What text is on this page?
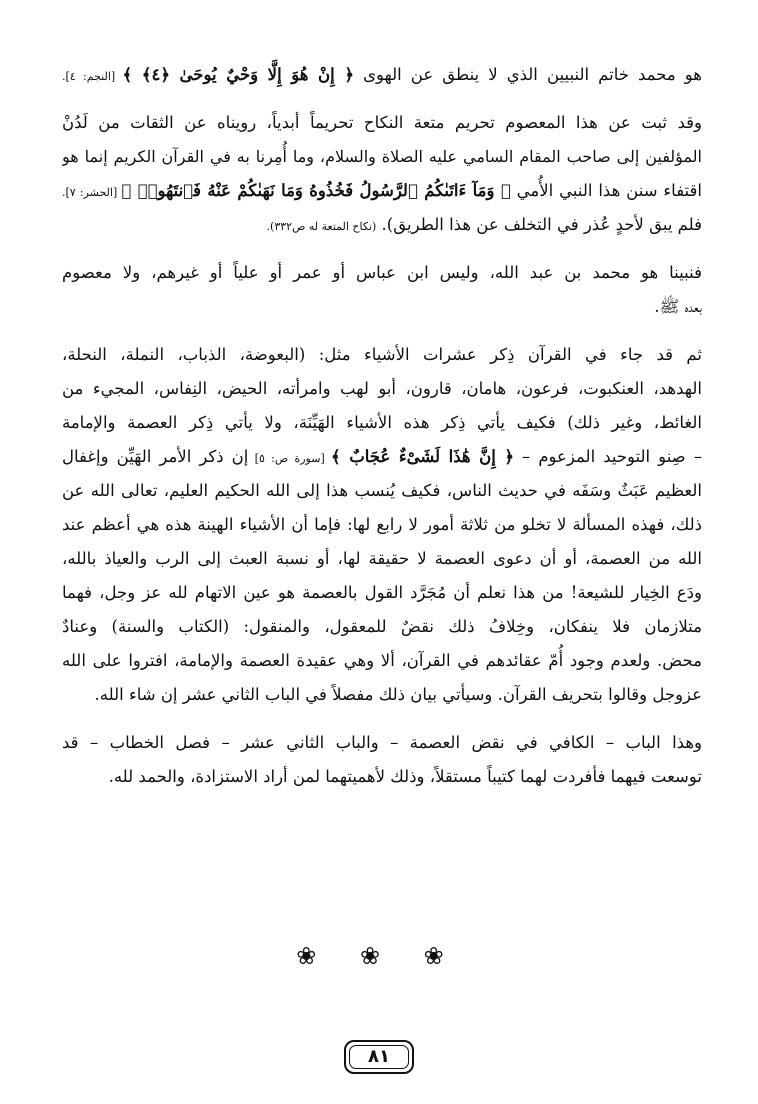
هو محمد خاتم النبيين الذي لا ينطق عن الهوى ﴿ إِنْ هُوَ إِلَّا وَحْيٌ يُوحَىٰ ﴿٤﴾ ﴾ [النجم: ٤].
وقد ثبت عن هذا المعصوم تحريم متعة النكاح تحريماً أبدياً، رويناه عن الثقات من لَدُنْ
المؤلفين إلى صاحب المقام السامي عليه الصلاة والسلام، وما أُمِرنا به في القرآن الكريم إنما هو
اقتفاء سنن هذا النبي الأُمي ﴿ وَمَآ ءَاتَىٰكُمُ ٱلرَّسُولُ فَخُذُوهُ وَمَا نَهَىٰكُمْ عَنْهُ فَٱنتَهُوا۟ ﴾ [الحشر: ٧].
فلم يبق لأحدٍ عُذر في التخلف عن هذا الطريق). (نكاح المتعة له ص٣٣٢).
فنبينا هو محمد بن عبد الله، وليس ابن عباس أو عمر أو علياً أو غيرهم، ولا معصوم
بعده ﷺ.
ثم قد جاء في القرآن ذِكر عشرات الأشياء مثل: (البعوضة، الذباب، النملة، النحلة،
الهدهد، العنكبوت، فرعون، هامان، قارون، أبو لهب وامرأته، الحيض، النِفاس، المجيء من
الغائط، وغير ذلك) فكيف يأتي ذِكر هذه الأشياء الهَيِّنَة، ولا يأتي ذِكر العصمة والإمامة
– صِنو التوحيد المزعوم – ﴿ إِنَّ هَٰذَا لَشَىْءٌ عُجَابٌ ﴾ [سورة ص: ٥] إن ذكر الأمر الهَيِّن وإغفال
العظيم عَبَثٌ وسَفَه في حديث الناس، فكيف يُنسب هذا إلى الله الحكيم العليم، تعالى الله عن
ذلك، فهذه المسألة لا تخلو من ثلاثة أمور لا رابع لها: فإما أن الأشياء الهينة هذه هي أعظم عند
الله من العصمة، أو أن دعوى العصمة لا حقيقة لها، أو نسبة العبث إلى الرب والعياذ بالله،
ودَع الخِيار للشيعة! من هذا نعلم أن مُجَرَّد القول بالعصمة هو عين الاتهام لله عز وجل، فهما
متلازمان فلا ينفكان، وخِلافُ ذلك نقضٌ للمعقول، والمنقول: (الكتاب والسنة) وعنادٌ
محض. ولعدم وجود أُمّ عقائدهم في القرآن، ألا وهي عقيدة العصمة والإمامة، افتروا على الله
عزوجل وقالوا بتحريف القرآن. وسيأتي بيان ذلك مفصلاً في الباب الثاني عشر إن شاء الله.
وهذا الباب – الكافي في نقض العصمة – والباب الثاني عشر – فصل الخطاب – قد
توسعت فيهما فأفردت لهما كتيباً مستقلاً، وذلك لأهميتهما لمن أراد الاستزادة، والحمد لله.
❀ ❀ ❀
٨١
